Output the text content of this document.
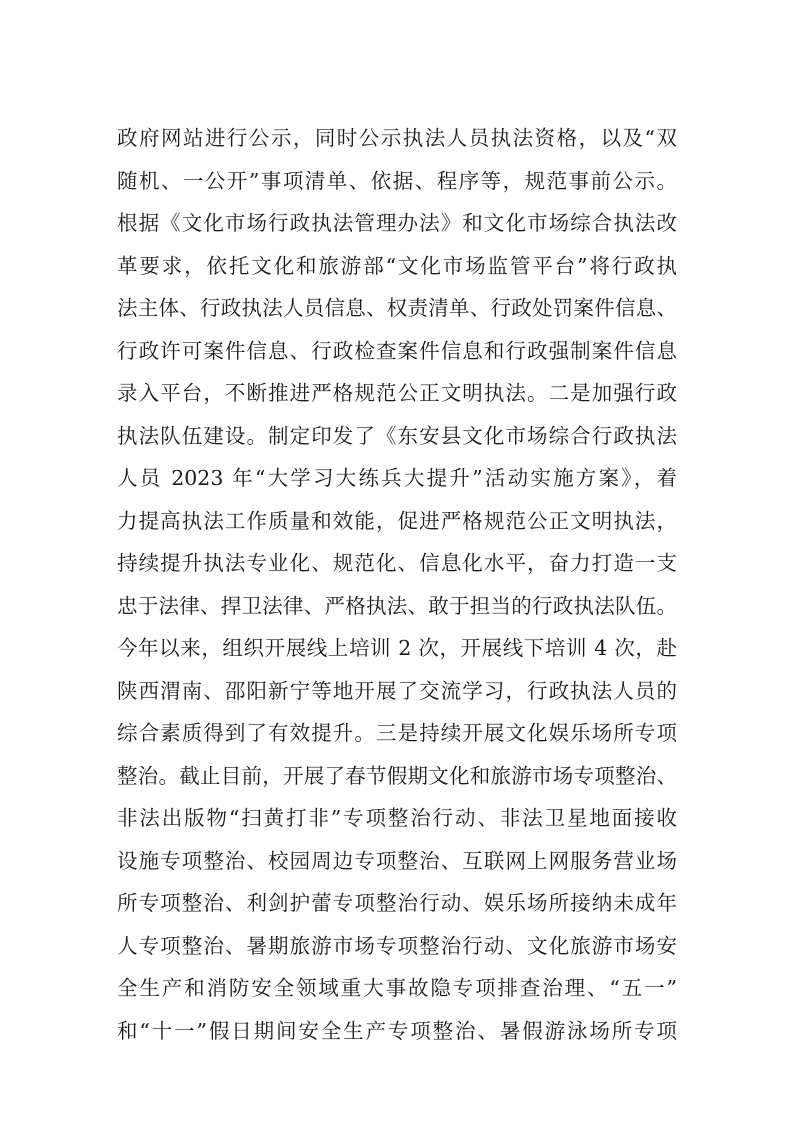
政府网站进行公示，同时公示执法人员执法资格，以及“双
随机、一公开”事项清单、依据、程序等，规范事前公示。
根据《文化市场行政执法管理办法》和文化市场综合执法改
革要求，依托文化和旅游部“文化市场监管平台”将行政执
法主体、行政执法人员信息、权责清单、行政处罚案件信息、
行政许可案件信息、行政检查案件信息和行政强制案件信息
录入平台，不断推进严格规范公正文明执法。二是加强行政
执法队伍建设。制定印发了《东安县文化市场综合行政执法
人员 2023 年“大学习大练兵大提升”活动实施方案》，着
力提高执法工作质量和效能，促进严格规范公正文明执法，
持续提升执法专业化、规范化、信息化水平，奋力打造一支
忠于法律、捍卫法律、严格执法、敢于担当的行政执法队伍。
今年以来，组织开展线上培训 2 次，开展线下培训 4 次，赴
陕西渭南、邵阳新宁等地开展了交流学习，行政执法人员的
综合素质得到了有效提升。三是持续开展文化娱乐场所专项
整治。截止目前，开展了春节假期文化和旅游市场专项整治、
非法出版物“扫黄打非”专项整治行动、非法卫星地面接收
设施专项整治、校园周边专项整治、互联网上网服务营业场
所专项整治、利剑护蕾专项整治行动、娱乐场所接纳未成年
人专项整治、暑期旅游市场专项整治行动、文化旅游市场安
全生产和消防安全领域重大事故隐专项排查治理、“五一”
和“十一”假日期间安全生产专项整治、暑假游泳场所专项
